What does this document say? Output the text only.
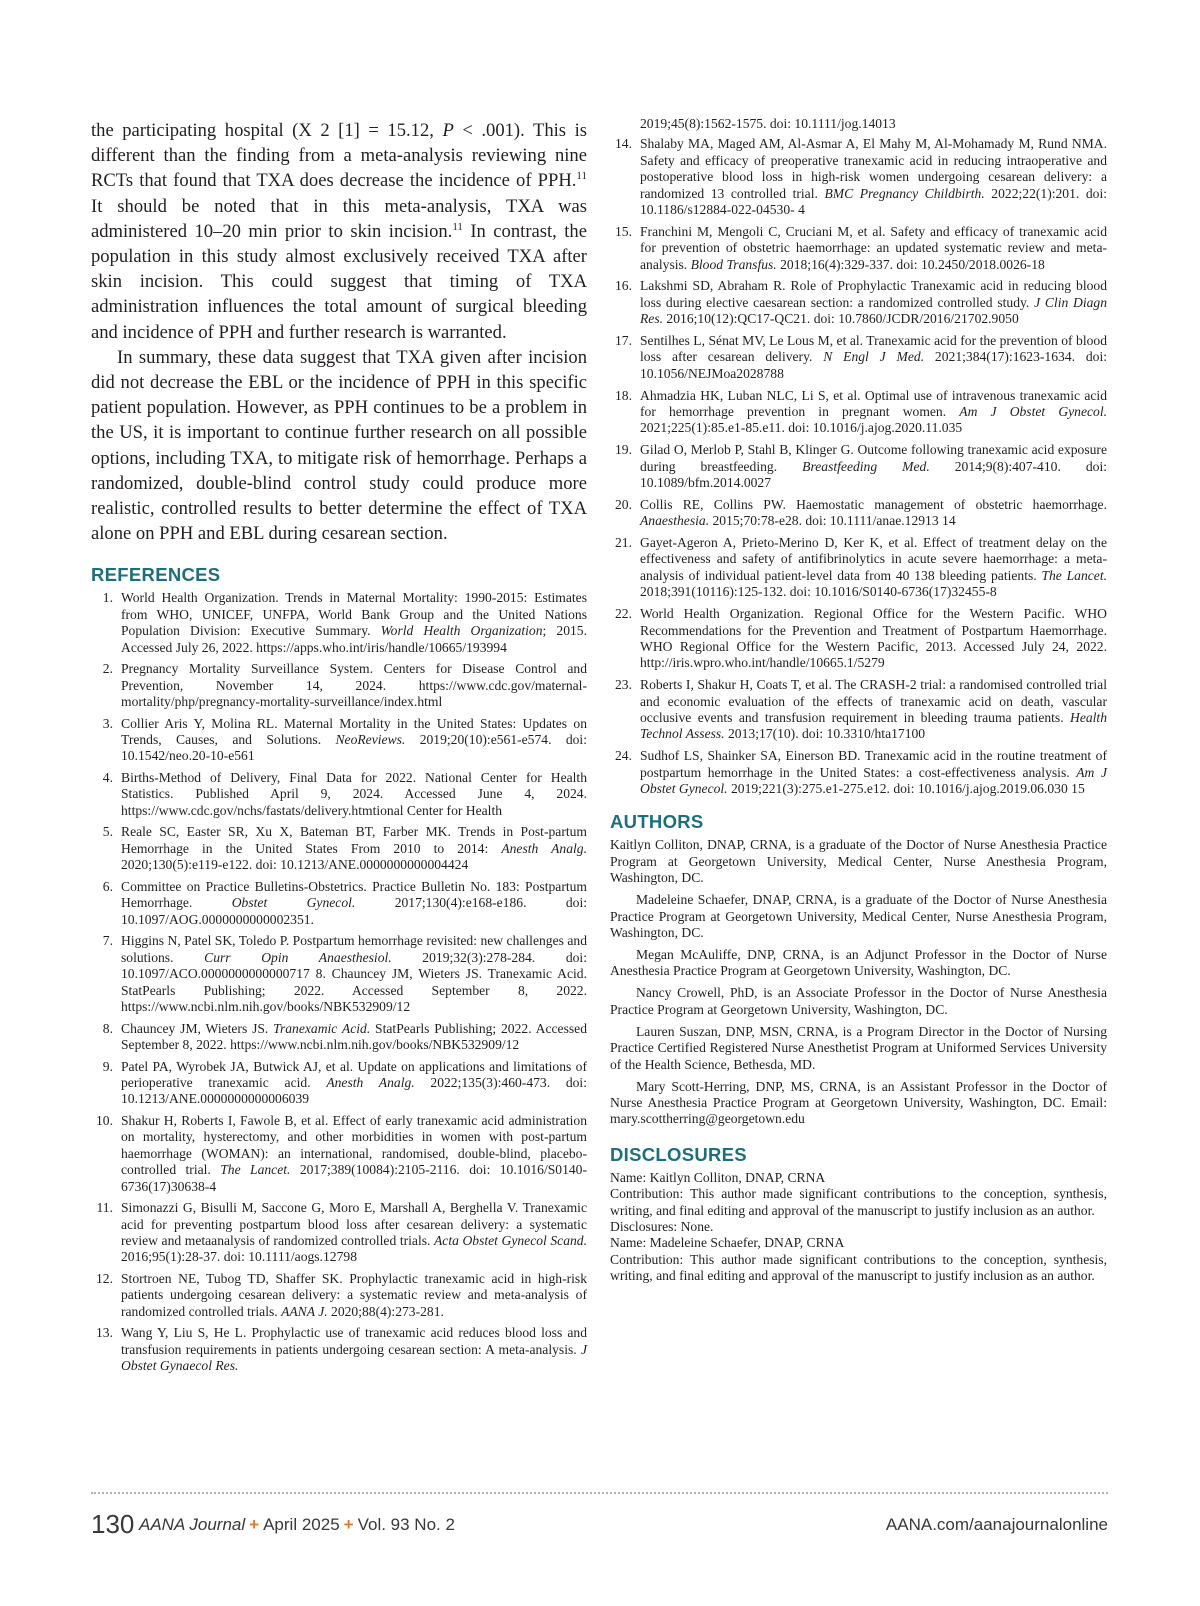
the participating hospital (X 2 [1] = 15.12, P < .001). This is different than the finding from a meta-analysis reviewing nine RCTs that found that TXA does decrease the incidence of PPH.$^{11}$ It should be noted that in this meta-analysis, TXA was administered 10–20 min prior to skin incision.$^{11}$ In contrast, the population in this study almost exclusively received TXA after skin incision. This could suggest that timing of TXA administration influences the total amount of surgical bleeding and incidence of PPH and further research is warranted.

In summary, these data suggest that TXA given after incision did not decrease the EBL or the incidence of PPH in this specific patient population. However, as PPH continues to be a problem in the US, it is important to continue further research on all possible options, including TXA, to mitigate risk of hemorrhage. Perhaps a randomized, double-blind control study could produce more realistic, controlled results to better determine the effect of TXA alone on PPH and EBL during cesarean section.

REFERENCES
1. World Health Organization. Trends in Maternal Mortality: 1990-2015: Estimates from WHO, UNICEF, UNFPA, World Bank Group and the United Nations Population Division: Executive Summary. World Health Organization; 2015. Accessed July 26, 2022. https://apps.who.int/iris/handle/10665/193994
2. Pregnancy Mortality Surveillance System. Centers for Disease Control and Prevention, November 14, 2024. https://www.cdc.gov/maternal-mortality/php/pregnancy-mortality-surveillance/index.html
3. Collier Aris Y, Molina RL. Maternal Mortality in the United States: Updates on Trends, Causes, and Solutions. NeoReviews. 2019;20(10):e561-e574. doi: 10.1542/neo.20-10-e561
4. Births-Method of Delivery, Final Data for 2022. National Center for Health Statistics. Published April 9, 2024. Accessed June 4, 2024. https://www.cdc.gov/nchs/fastats/delivery.htmtional Center for Health
5. Reale SC, Easter SR, Xu X, Bateman BT, Farber MK. Trends in Post-partum Hemorrhage in the United States From 2010 to 2014: Anesth Analg. 2020;130(5):e119-e122. doi: 10.1213/ANE.0000000000004424
6. Committee on Practice Bulletins-Obstetrics. Practice Bulletin No. 183: Postpartum Hemorrhage. Obstet Gynecol. 2017;130(4):e168-e186. doi: 10.1097/AOG.0000000000002351.
7. Higgins N, Patel SK, Toledo P. Postpartum hemorrhage revisited: new challenges and solutions. Curr Opin Anaesthesiol. 2019;32(3):278-284. doi: 10.1097/ACO.0000000000000717 8. Chauncey JM, Wieters JS. Tranexamic Acid. StatPearls Publishing; 2022. Accessed September 8, 2022. https://www.ncbi.nlm.nih.gov/books/NBK532909/12
8. Chauncey JM, Wieters JS. Tranexamic Acid. StatPearls Publishing; 2022. Accessed September 8, 2022. https://www.ncbi.nlm.nih.gov/books/NBK532909/12
9. Patel PA, Wyrobek JA, Butwick AJ, et al. Update on applications and limitations of perioperative tranexamic acid. Anesth Analg. 2022;135(3):460-473. doi: 10.1213/ANE.0000000000006039
10. Shakur H, Roberts I, Fawole B, et al. Effect of early tranexamic acid administration on mortality, hysterectomy, and other morbidities in women with post-partum haemorrhage (WOMAN): an international, randomised, double-blind, placebo-controlled trial. The Lancet. 2017;389(10084):2105-2116. doi: 10.1016/S0140-6736(17)30638-4
11. Simonazzi G, Bisulli M, Saccone G, Moro E, Marshall A, Berghella V. Tranexamic acid for preventing postpartum blood loss after cesarean delivery: a systematic review and metaanalysis of randomized controlled trials. Acta Obstet Gynecol Scand. 2016;95(1):28-37. doi: 10.1111/aogs.12798
12. Stortroen NE, Tubog TD, Shaffer SK. Prophylactic tranexamic acid in high-risk patients undergoing cesarean delivery: a systematic review and meta-analysis of randomized controlled trials. AANA J. 2020;88(4):273-281.
13. Wang Y, Liu S, He L. Prophylactic use of tranexamic acid reduces blood loss and transfusion requirements in patients undergoing cesarean section: A meta-analysis. J Obstet Gynaecol Res.
2019;45(8):1562-1575. doi: 10.1111/jog.14013
14. Shalaby MA, Maged AM, Al-Asmar A, El Mahy M, Al-Mohamady M, Rund NMA. Safety and efficacy of preoperative tranexamic acid in reducing intraoperative and postoperative blood loss in high-risk women undergoing cesarean delivery: a randomized 13 controlled trial. BMC Pregnancy Childbirth. 2022;22(1):201. doi: 10.1186/s12884-022-04530- 4
15. Franchini M, Mengoli C, Cruciani M, et al. Safety and efficacy of tranexamic acid for prevention of obstetric haemorrhage: an updated systematic review and meta-analysis. Blood Transfus. 2018;16(4):329-337. doi: 10.2450/2018.0026-18
16. Lakshmi SD, Abraham R. Role of Prophylactic Tranexamic acid in reducing blood loss during elective caesarean section: a randomized controlled study. J Clin Diagn Res. 2016;10(12):QC17-QC21. doi: 10.7860/JCDR/2016/21702.9050
17. Sentilhes L, Sénat MV, Le Lous M, et al. Tranexamic acid for the prevention of blood loss after cesarean delivery. N Engl J Med. 2021;384(17):1623-1634. doi: 10.1056/NEJMoa2028788
18. Ahmadzia HK, Luban NLC, Li S, et al. Optimal use of intravenous tranexamic acid for hemorrhage prevention in pregnant women. Am J Obstet Gynecol. 2021;225(1):85.e1-85.e11. doi: 10.1016/j.ajog.2020.11.035
19. Gilad O, Merlob P, Stahl B, Klinger G. Outcome following tranexamic acid exposure during breastfeeding. Breastfeeding Med. 2014;9(8):407-410. doi: 10.1089/bfm.2014.0027
20. Collis RE, Collins PW. Haemostatic management of obstetric haemorrhage. Anaesthesia. 2015;70:78-e28. doi: 10.1111/anae.12913 14
21. Gayet-Ageron A, Prieto-Merino D, Ker K, et al. Effect of treatment delay on the effectiveness and safety of antifibrinolytics in acute severe haemorrhage: a meta-analysis of individual patient-level data from 40 138 bleeding patients. The Lancet. 2018;391(10116):125-132. doi: 10.1016/S0140-6736(17)32455-8
22. World Health Organization. Regional Office for the Western Pacific. WHO Recommendations for the Prevention and Treatment of Postpartum Haemorrhage. WHO Regional Office for the Western Pacific, 2013. Accessed July 24, 2022. http://iris.wpro.who.int/handle/10665.1/5279
23. Roberts I, Shakur H, Coats T, et al. The CRASH-2 trial: a randomised controlled trial and economic evaluation of the effects of tranexamic acid on death, vascular occlusive events and transfusion requirement in bleeding trauma patients. Health Technol Assess. 2013;17(10). doi: 10.3310/hta17100
24. Sudhof LS, Shainker SA, Einerson BD. Tranexamic acid in the routine treatment of postpartum hemorrhage in the United States: a cost-effectiveness analysis. Am J Obstet Gynecol. 2019;221(3):275.e1-275.e12. doi: 10.1016/j.ajog.2019.06.030 15
AUTHORS

Kaitlyn Colliton, DNAP, CRNA, is a graduate of the Doctor of Nurse Anesthesia Practice Program at Georgetown University, Medical Center, Nurse Anesthesia Program, Washington, DC.

Madeleine Schaefer, DNAP, CRNA, is a graduate of the Doctor of Nurse Anesthesia Practice Program at Georgetown University, Medical Center, Nurse Anesthesia Program, Washington, DC.

Megan McAuliffe, DNP, CRNA, is an Adjunct Professor in the Doctor of Nurse Anesthesia Practice Program at Georgetown University, Washington, DC.

Nancy Crowell, PhD, is an Associate Professor in the Doctor of Nurse Anesthesia Practice Program at Georgetown University, Washington, DC.

Lauren Suszan, DNP, MSN, CRNA, is a Program Director in the Doctor of Nursing Practice Certified Registered Nurse Anesthetist Program at Uniformed Services University of the Health Science, Bethesda, MD.

Mary Scott-Herring, DNP, MS, CRNA, is an Assistant Professor in the Doctor of Nurse Anesthesia Practice Program at Georgetown University, Washington, DC. Email: mary.scottherring@georgetown.edu

DISCLOSURES

Name: Kaitlyn Colliton, DNAP, CRNA

Contribution: This author made significant contributions to the conception, synthesis, writing, and final editing and approval of the manuscript to justify inclusion as an author.

Disclosures: None.

Name: Madeleine Schaefer, DNAP, CRNA

Contribution: This author made significant contributions to the conception, synthesis, writing, and final editing and approval of the manuscript to justify inclusion as an author.

130 AANA Journal + April 2025 + Vol. 93 No. 2	AANA.com/aanajournalonline
